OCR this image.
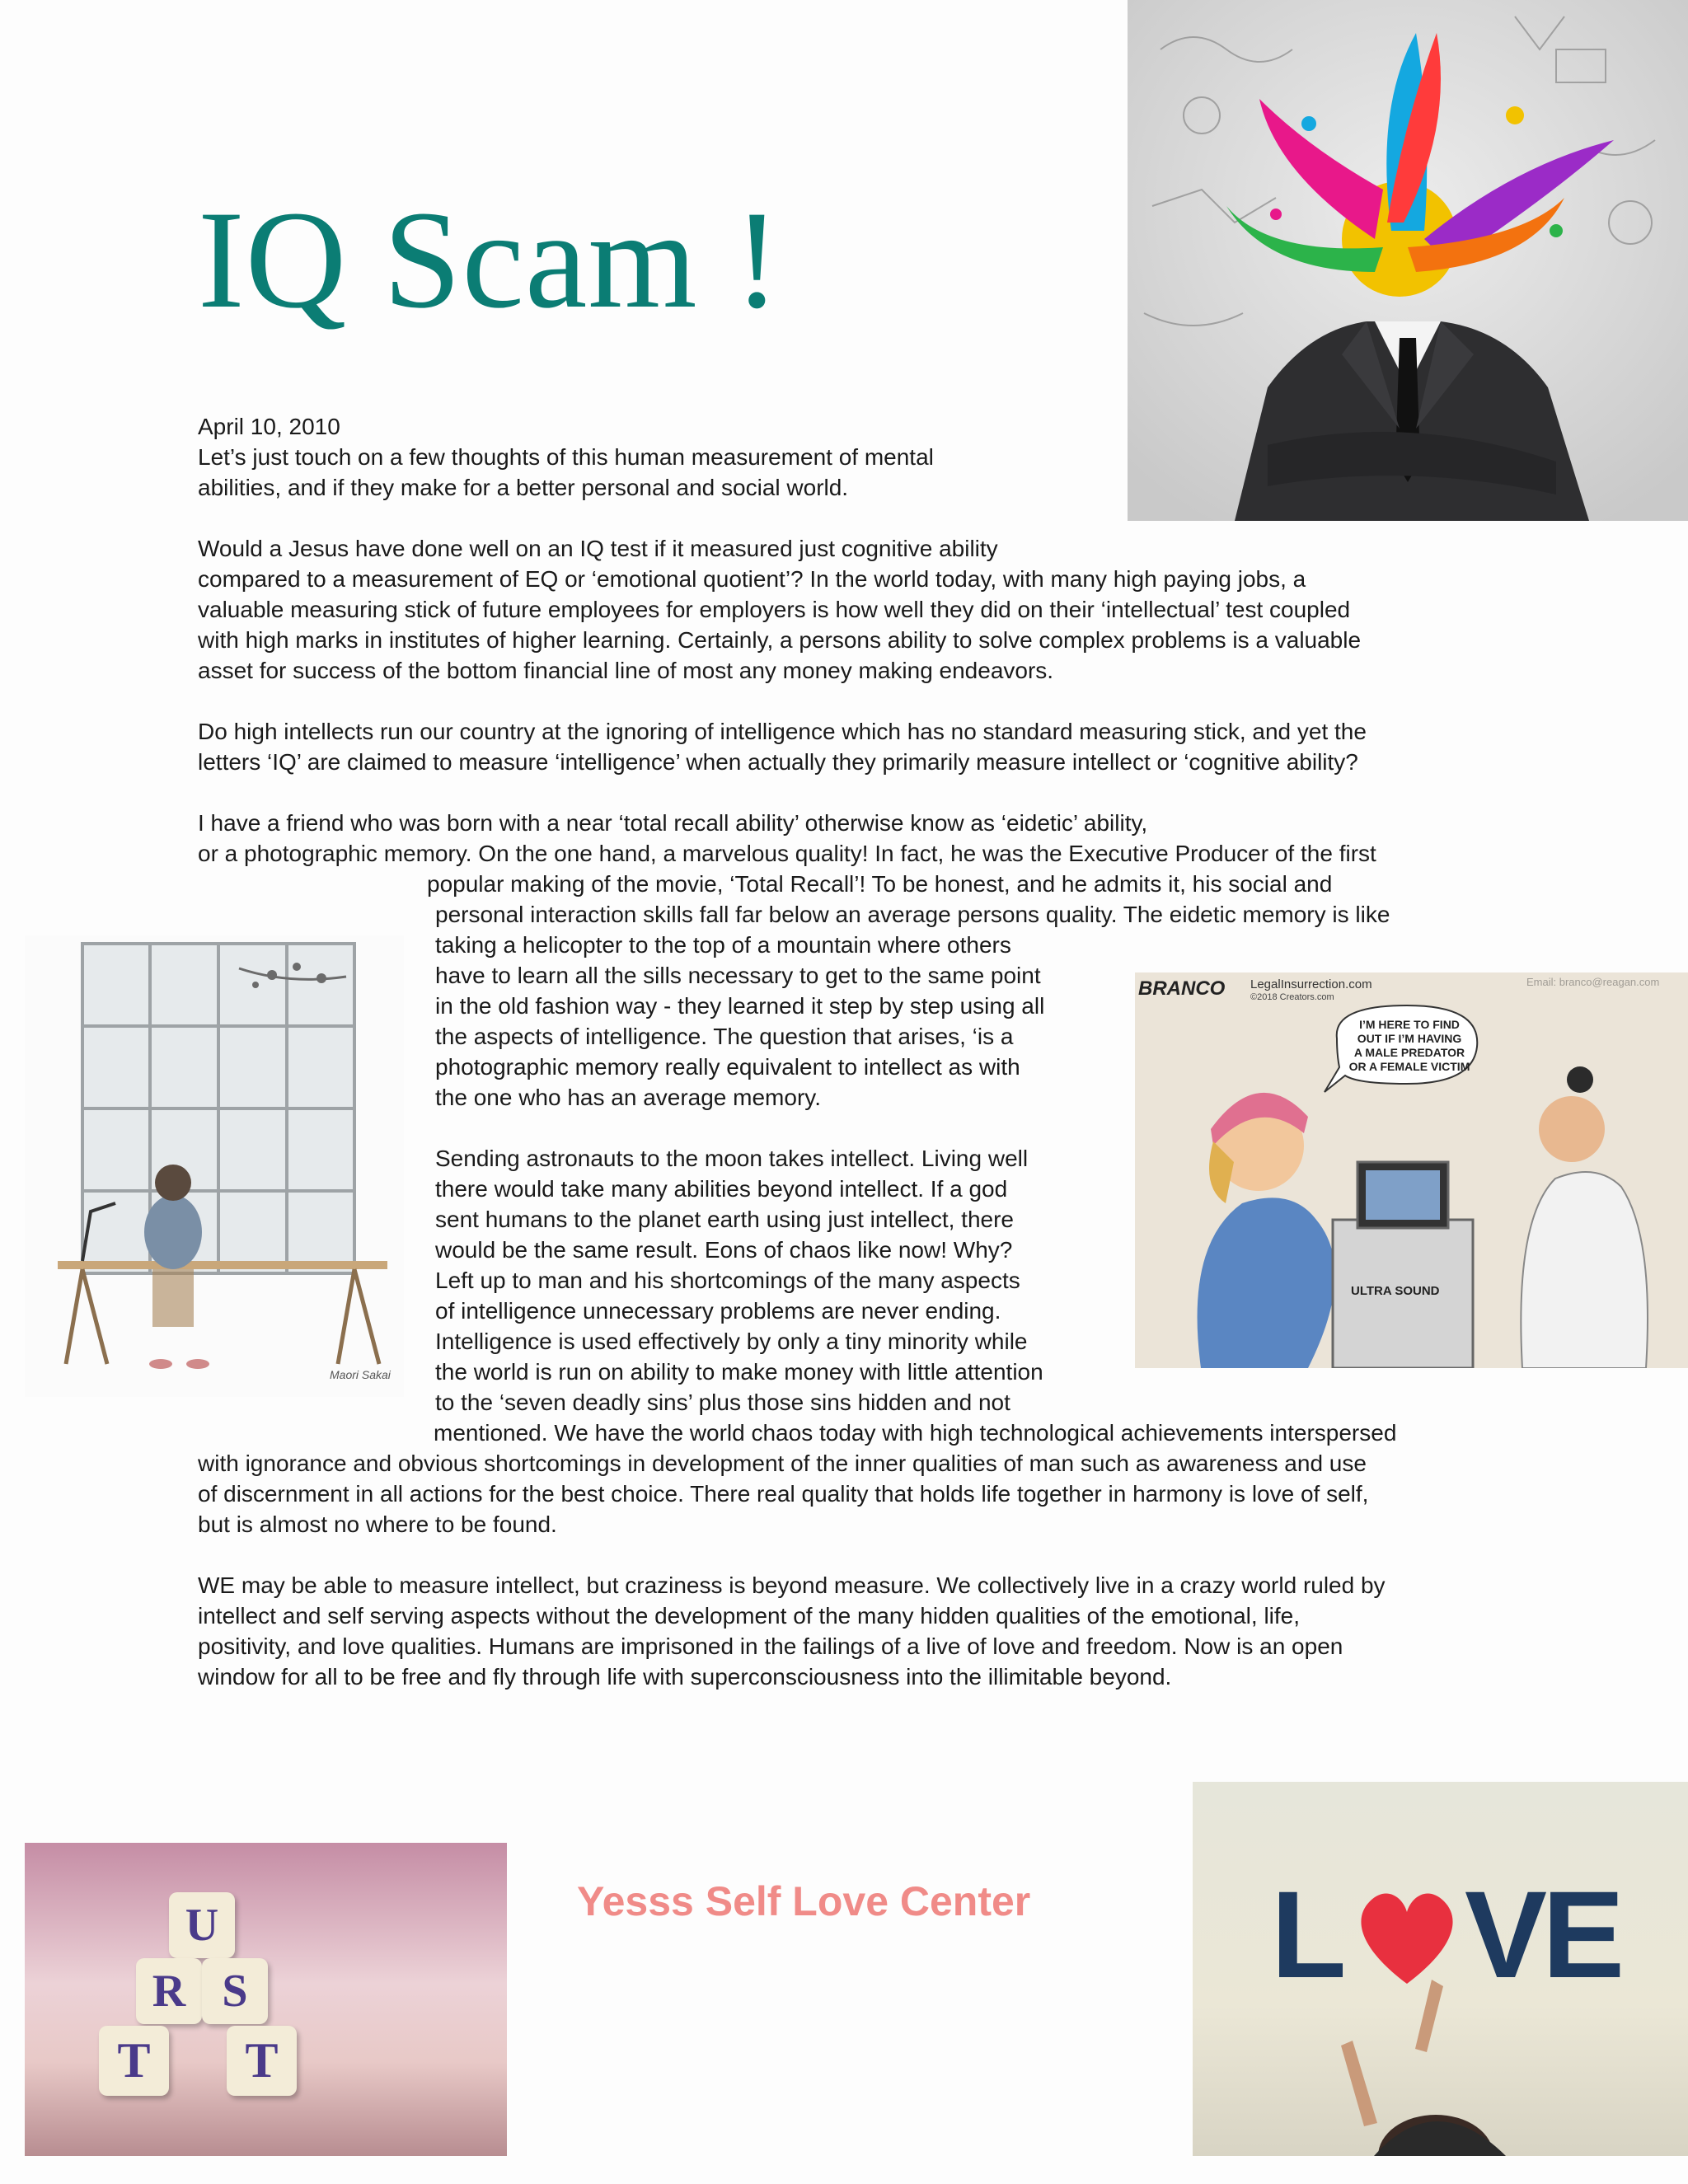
IQ Scam !
April 10, 2010
Let’s just touch on a few thoughts of this human measurement of mental
abilities, and if they make for a better personal and social world.
Would a Jesus have done well on an IQ test if it measured just cognitive ability
compared to a measurement of EQ or ‘emotional quotient’? In the world today, with many high paying jobs, a
valuable measuring stick of future employees for employers is how well they did on their ‘intellectual’ test coupled
with high marks in institutes of higher learning. Certainly, a persons ability to solve complex problems is a valuable
asset for success of the bottom financial line of most any money making endeavors.
Do high intellects run our country at the ignoring of intelligence which has no standard measuring stick, and yet the
letters ‘IQ’ are claimed to measure ‘intelligence’ when actually they primarily measure intellect or ‘cognitive ability?
I have a friend who was born with a near ‘total recall ability’ otherwise know as ‘eidetic’ ability,
or a photographic memory. On the one hand, a marvelous quality! In fact, he was the Executive Producer of the first
popular making of the movie, ‘Total Recall’! To be honest, and he admits it, his social and
personal interaction skills fall far below an average persons quality. The eidetic memory is like
taking a helicopter to the top of a mountain where others
have to learn all the sills necessary to get to the same point
in the old fashion way - they learned it step by step using all
the aspects of intelligence. The question that arises, ‘is a
photographic memory really equivalent to intellect as with
the one who has an average memory.
Sending astronauts to the moon takes intellect. Living well
there would take many abilities beyond intellect. If a god
sent humans to the planet earth using just intellect, there
would be the same result. Eons of chaos like now! Why?
Left up to man and his shortcomings of the many aspects
of intelligence unnecessary problems are never ending.
Intelligence is used effectively by only a tiny minority while
the world is run on ability to make money with little attention
to the ‘seven deadly sins’ plus those sins hidden and not
mentioned. We have the world chaos today with high technological achievements interspersed
with ignorance and obvious shortcomings in development of the inner qualities of man such as awareness and use
of discernment in all actions for the best choice. There real quality that holds life together in harmony is love of self,
but is almost no where to be found.
WE may be able to measure intellect, but craziness is beyond measure. We collectively live in a crazy world ruled by
intellect and self serving aspects without the development of the many hidden qualities of the emotional, life,
positivity, and love qualities. Humans are imprisoned in the failings of a live of love and freedom. Now is an open
window for all to be free and fly through life with superconsciousness into the illimitable beyond.
Maori Sakai
BRANCO LegalInsurrection.com
©2018 Creators.com
Email: branco@reagan.com
I’M HERE TO FIND
OUT IF I’M HAVING
A MALE PREDATOR
OR A FEMALE VICTIM
ULTRA SOUND
U
R S
T	T
Yesss Self Love Center L VE
